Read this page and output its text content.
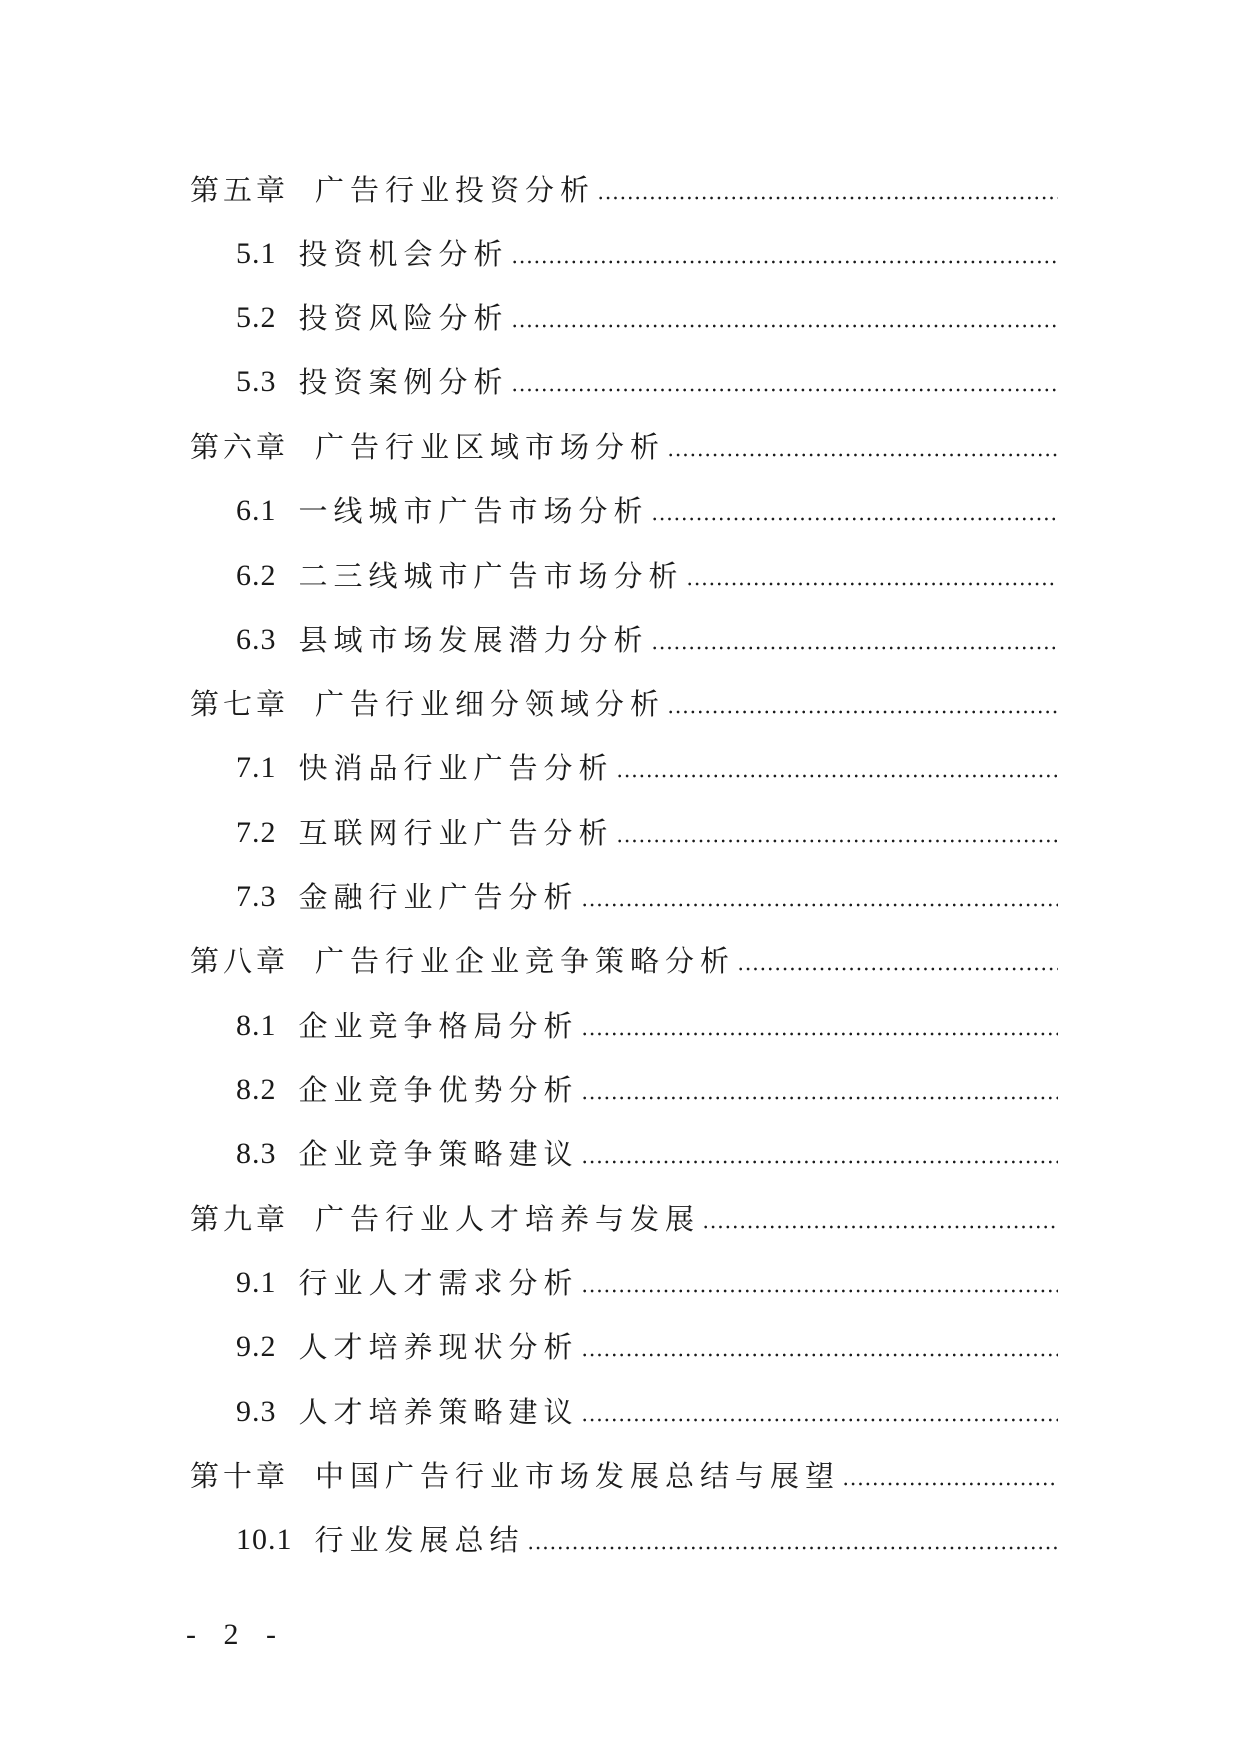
第五章 广告行业投资分析
5.1 投资机会分析
5.2 投资风险分析
5.3 投资案例分析
第六章 广告行业区域市场分析
6.1 一线城市广告市场分析
6.2 二三线城市广告市场分析
6.3 县域市场发展潜力分析
第七章 广告行业细分领域分析
7.1 快消品行业广告分析
7.2 互联网行业广告分析
7.3 金融行业广告分析
第八章 广告行业企业竞争策略分析
8.1 企业竞争格局分析
8.2 企业竞争优势分析
8.3 企业竞争策略建议
第九章 广告行业人才培养与发展
9.1 行业人才需求分析
9.2 人才培养现状分析
9.3 人才培养策略建议
第十章 中国广告行业市场发展总结与展望
10.1 行业发展总结
- 2 -
